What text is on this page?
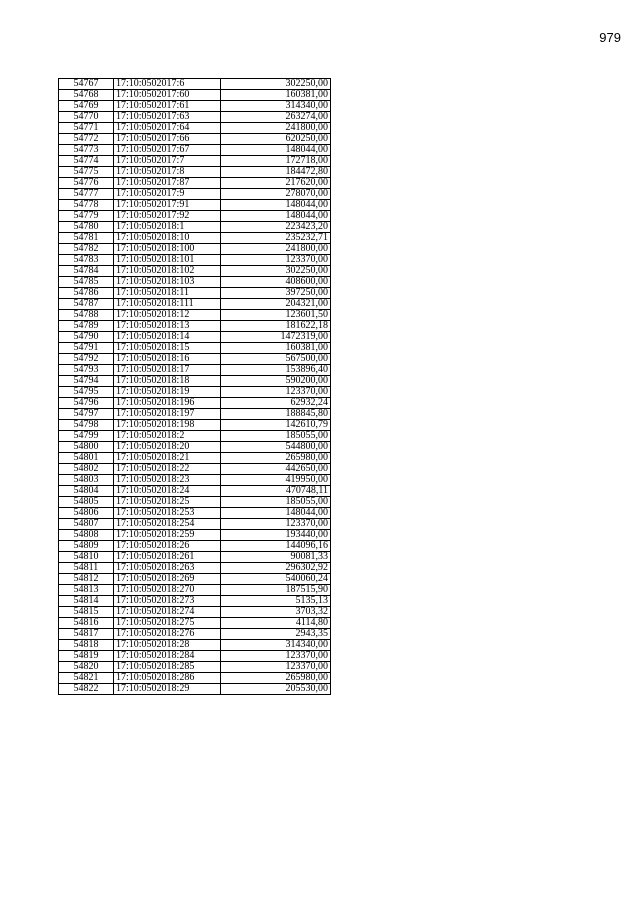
979
54767	17:10:0502017:6	302250,00
54768	17:10:0502017:60	160381,00
54769	17:10:0502017:61	314340,00
54770	17:10:0502017:63	263274,00
54771	17:10:0502017:64	241800,00
54772	17:10:0502017:66	620250,00
54773	17:10:0502017:67	148044,00
54774	17:10:0502017:7	172718,00
54775	17:10:0502017:8	184472,80
54776	17:10:0502017:87	217620,00
54777	17:10:0502017:9	278070,00
54778	17:10:0502017:91	148044,00
54779	17:10:0502017:92	148044,00
54780	17:10:0502018:1	223423,20
54781	17:10:0502018:10	235232,71
54782	17:10:0502018:100	241800,00
54783	17:10:0502018:101	123370,00
54784	17:10:0502018:102	302250,00
54785	17:10:0502018:103	408600,00
54786	17:10:0502018:11	397250,00
54787	17:10:0502018:111	204321,00
54788	17:10:0502018:12	123601,50
54789	17:10:0502018:13	181622,18
54790	17:10:0502018:14	1472319,00
54791	17:10:0502018:15	160381,00
54792	17:10:0502018:16	567500,00
54793	17:10:0502018:17	153896,40
54794	17:10:0502018:18	590200,00
54795	17:10:0502018:19	123370,00
54796	17:10:0502018:196	62932,24
54797	17:10:0502018:197	188845,80
54798	17:10:0502018:198	142610,79
54799	17:10:0502018:2	185055,00
54800	17:10:0502018:20	544800,00
54801	17:10:0502018:21	265980,00
54802	17:10:0502018:22	442650,00
54803	17:10:0502018:23	419950,00
54804	17:10:0502018:24	470748,11
54805	17:10:0502018:25	185055,00
54806	17:10:0502018:253	148044,00
54807	17:10:0502018:254	123370,00
54808	17:10:0502018:259	193440,00
54809	17:10:0502018:26	144096,16
54810	17:10:0502018:261	90081,33
54811	17:10:0502018:263	296302,92
54812	17:10:0502018:269	540060,24
54813	17:10:0502018:270	187515,90
54814	17:10:0502018:273	5135,13
54815	17:10:0502018:274	3703,32
54816	17:10:0502018:275	4114,80
54817	17:10:0502018:276	2943,35
54818	17:10:0502018:28	314340,00
54819	17:10:0502018:284	123370,00
54820	17:10:0502018:285	123370,00
54821	17:10:0502018:286	265980,00
54822	17:10:0502018:29	205530,00
